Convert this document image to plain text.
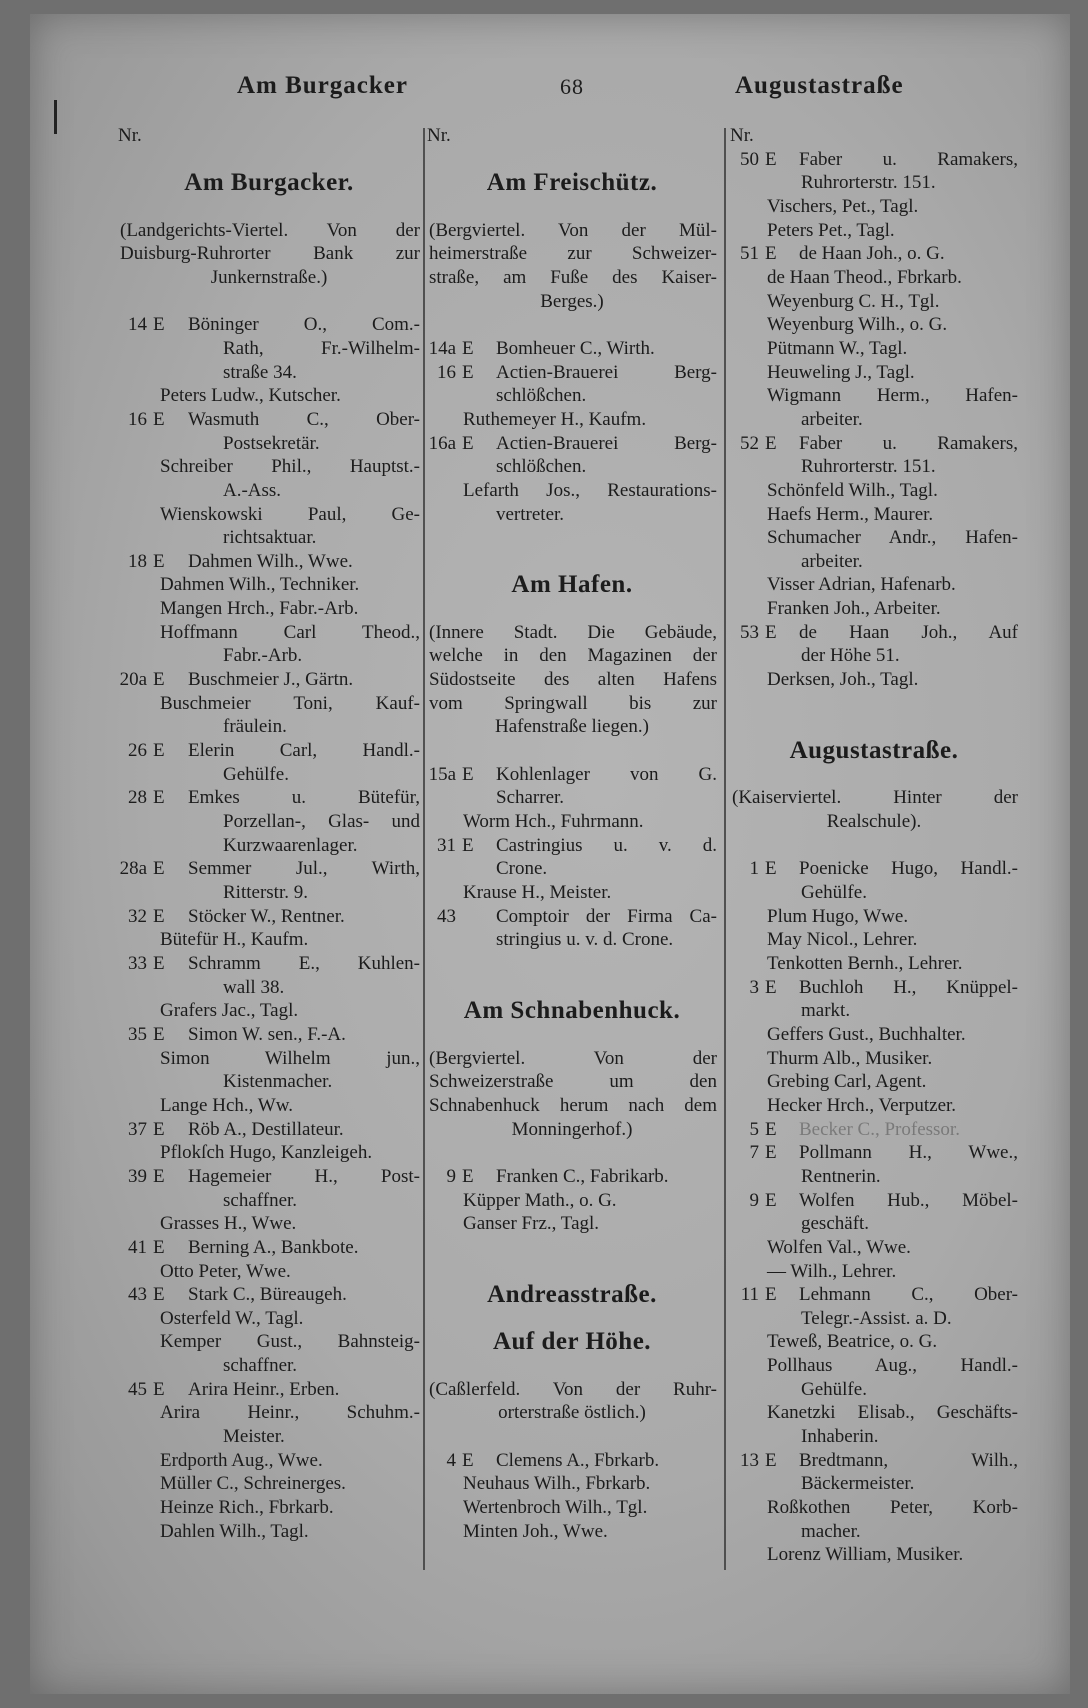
Am Burgacker	68	Augustastraße
Nr.
Am Burgacker.
(Landgerichts-Viertel. Von der
Duisburg-Ruhrorter Bank zur
Junkernstraße.)
14 E Böninger O., Com.-
Rath, Fr.-Wilhelm-
straße 34.
Peters Ludw., Kutscher.
16 E Wasmuth C., Ober-
Postsekretär.
Schreiber Phil., Hauptst.-
A.-Ass.
Wienskowski Paul, Ge-
richtsaktuar.
18 E Dahmen Wilh., Wwe.
Dahmen Wilh., Techniker.
Mangen Hrch., Fabr.-Arb.
Hoffmann Carl Theod.,
Fabr.-Arb.
20a E Buschmeier J., Gärtn.
Buschmeier Toni, Kauf-
fräulein.
26 E Elerin Carl, Handl.-
Gehülfe.
28 E Emkes u. Bütefür,
Porzellan-, Glas- und
Kurzwaarenlager.
28a E Semmer Jul., Wirth,
Ritterstr. 9.
32 E Stöcker W., Rentner.
Bütefür H., Kaufm.
33 E Schramm E., Kuhlen-
wall 38.
Grafers Jac., Tagl.
35 E Simon W. sen., F.-A.
Simon Wilhelm jun.,
Kistenmacher.
Lange Hch., Ww.
37 E Röb A., Destillateur.
Pflokſch Hugo, Kanzleigeh.
39 E Hagemeier H., Post-
schaffner.
Grasses H., Wwe.
41 E Berning A., Bankbote.
Otto Peter, Wwe.
43 E Stark C., Büreaugeh.
Osterfeld W., Tagl.
Kemper Gust., Bahnsteig-
schaffner.
45 E Arira Heinr., Erben.
Arira Heinr., Schuhm.-
Meister.
Erdporth Aug., Wwe.
Müller C., Schreinerges.
Heinze Rich., Fbrkarb.
Dahlen Wilh., Tagl.
Nr.
Am Freischütz.
(Bergviertel. Von der Mül-
heimerstraße zur Schweizer-
straße, am Fuße des Kaiser-
Berges.)
14a E Bomheuer C., Wirth.
16 E Actien-Brauerei Berg-
schlößchen.
Ruthemeyer H., Kaufm.
16a E Actien-Brauerei Berg-
schlößchen.
Lefarth Jos., Restaurations-
vertreter.
Am Hafen.
(Innere Stadt. Die Gebäude,
welche in den Magazinen der
Südostseite des alten Hafens
vom Springwall bis zur
Hafenstraße liegen.)
15a E Kohlenlager von G.
Scharrer.
Worm Hch., Fuhrmann.
31 E Castringius u. v. d.
Crone.
Krause H., Meister.
43 Comptoir der Firma Ca-
stringius u. v. d. Crone.
Am Schnabenhuck.
(Bergviertel. Von der
Schweizerstraße um den
Schnabenhuck herum nach dem
Monningerhof.)
9 E Franken C., Fabrikarb.
Küpper Math., o. G.
Ganser Frz., Tagl.
Andreasstraße.
Auf der Höhe.
(Caßlerfeld. Von der Ruhr-
orterstraße östlich.)
4 E Clemens A., Fbrkarb.
Neuhaus Wilh., Fbrkarb.
Wertenbroch Wilh., Tgl.
Minten Joh., Wwe.
Nr.
50 E Faber u. Ramakers,
Ruhrorterstr. 151.
Vischers, Pet., Tagl.
Peters Pet., Tagl.
51 E de Haan Joh., o. G.
de Haan Theod., Fbrkarb.
Weyenburg C. H., Tgl.
Weyenburg Wilh., o. G.
Pütmann W., Tagl.
Heuweling J., Tagl.
Wigmann Herm., Hafen-
arbeiter.
52 E Faber u. Ramakers,
Ruhrorterstr. 151.
Schönfeld Wilh., Tagl.
Haefs Herm., Maurer.
Schumacher Andr., Hafen-
arbeiter.
Visser Adrian, Hafenarb.
Franken Joh., Arbeiter.
53 E de Haan Joh., Auf
der Höhe 51.
Derksen, Joh., Tagl.
Augustastraße.
(Kaiserviertel. Hinter der
Realschule).
1 E Poenicke Hugo, Handl.-
Gehülfe.
Plum Hugo, Wwe.
May Nicol., Lehrer.
Tenkotten Bernh., Lehrer.
3 E Buchloh H., Knüppel-
markt.
Geffers Gust., Buchhalter.
Thurm Alb., Musiker.
Grebing Carl, Agent.
Hecker Hrch., Verputzer.
5 E Becker C., Professor.
7 E Pollmann H., Wwe.,
Rentnerin.
9 E Wolfen Hub., Möbel-
geschäft.
Wolfen Val., Wwe.
— Wilh., Lehrer.
11 E Lehmann C., Ober-
Telegr.-Assist. a. D.
Teweß, Beatrice, o. G.
Pollhaus Aug., Handl.-
Gehülfe.
Kanetzki Elisab., Geschäfts-
Inhaberin.
13 E Bredtmann, Wilh.,
Bäckermeister.
Roßkothen Peter, Korb-
macher.
Lorenz William, Musiker.
